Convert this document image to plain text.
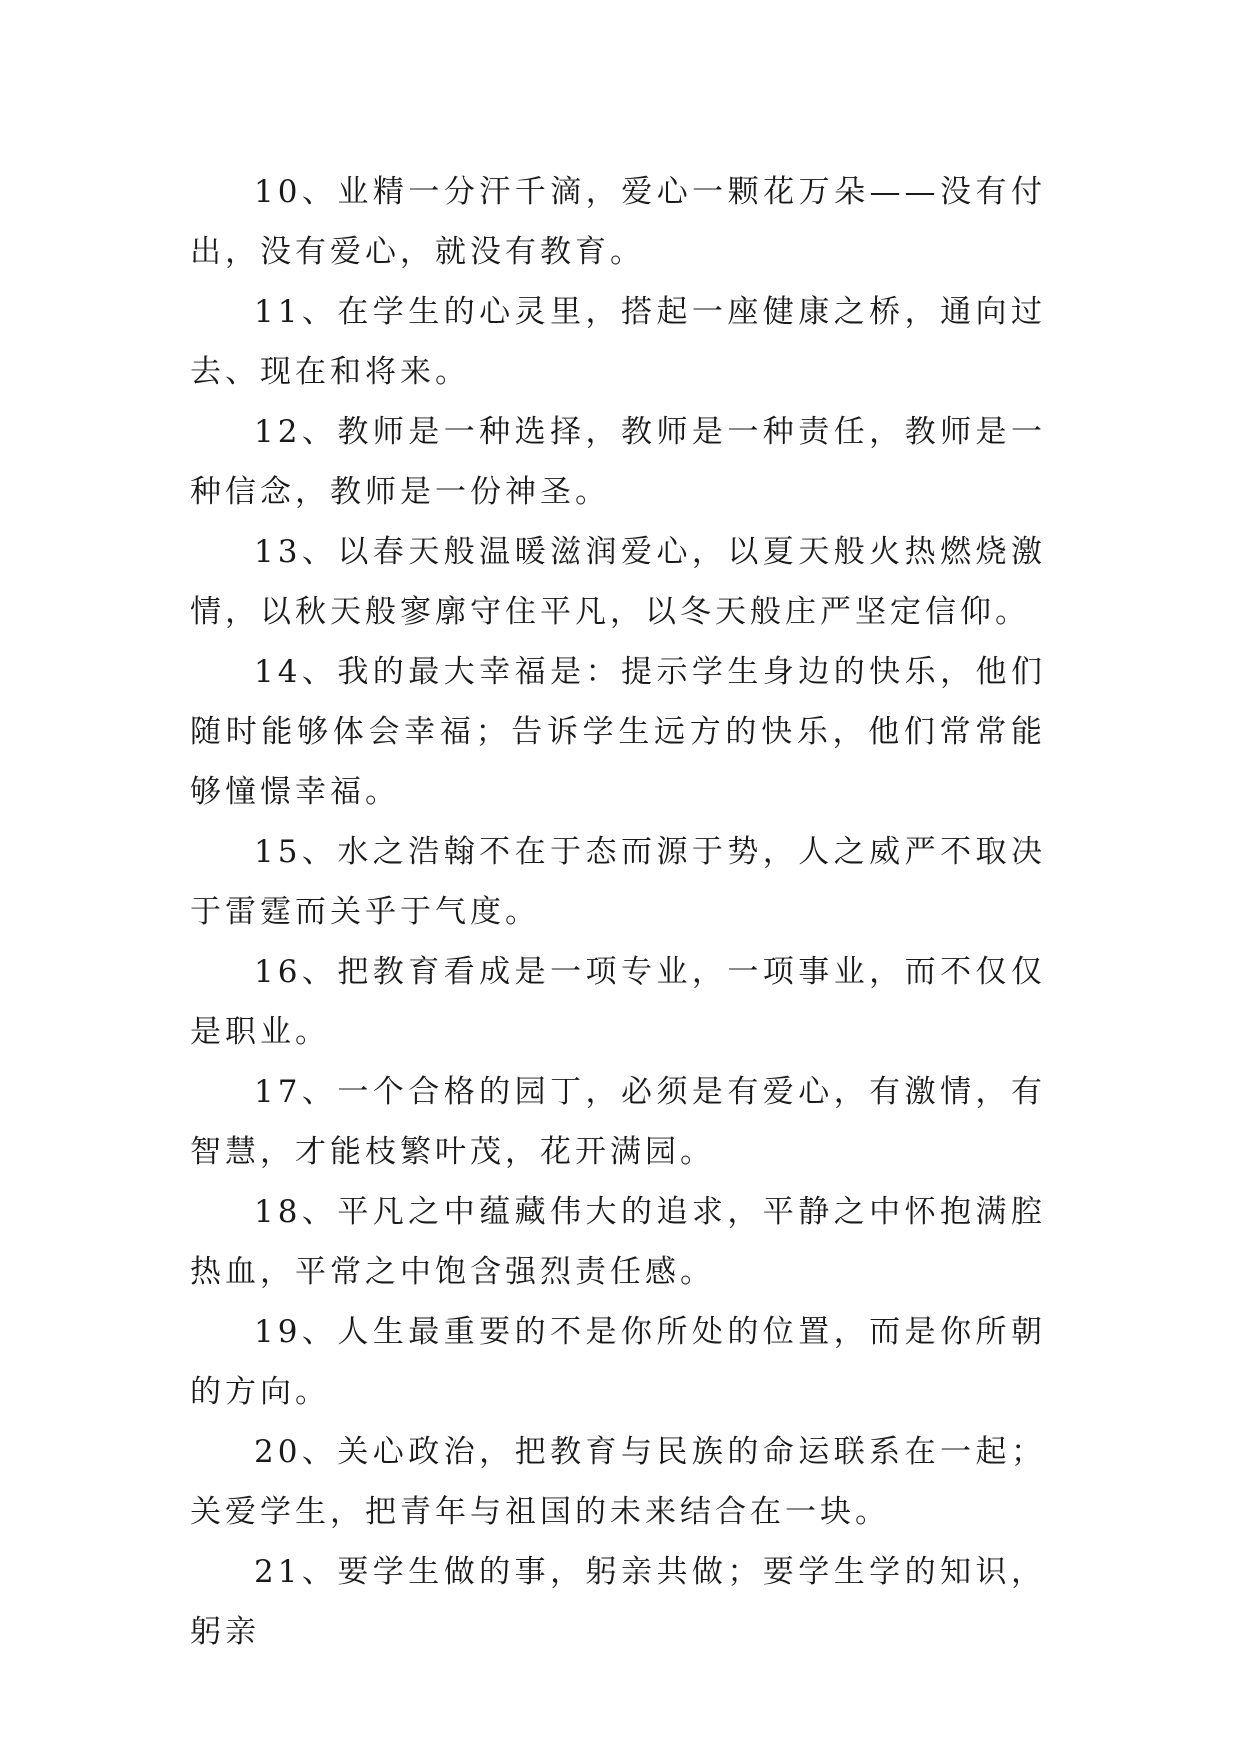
10、业精一分汗千滴，爱心一颗花万朵——没有付出，没有爱心，就没有教育。

11、在学生的心灵里，搭起一座健康之桥，通向过去、现在和将来。

12、教师是一种选择，教师是一种责任，教师是一种信念，教师是一份神圣。

13、以春天般温暖滋润爱心，以夏天般火热燃烧激情，以秋天般寥廓守住平凡，以冬天般庄严坚定信仰。

14、我的最大幸福是：提示学生身边的快乐，他们随时能够体会幸福；告诉学生远方的快乐，他们常常能够憧憬幸福。

15、水之浩翰不在于态而源于势，人之威严不取决于雷霆而关乎于气度。

16、把教育看成是一项专业，一项事业，而不仅仅是职业。

17、一个合格的园丁，必须是有爱心，有激情，有智慧，才能枝繁叶茂，花开满园。

18、平凡之中蕴藏伟大的追求，平静之中怀抱满腔热血，平常之中饱含强烈责任感。

19、人生最重要的不是你所处的位置，而是你所朝的方向。

20、关心政治，把教育与民族的命运联系在一起；关爱学生，把青年与祖国的未来结合在一块。

21、要学生做的事，躬亲共做；要学生学的知识，躬亲
